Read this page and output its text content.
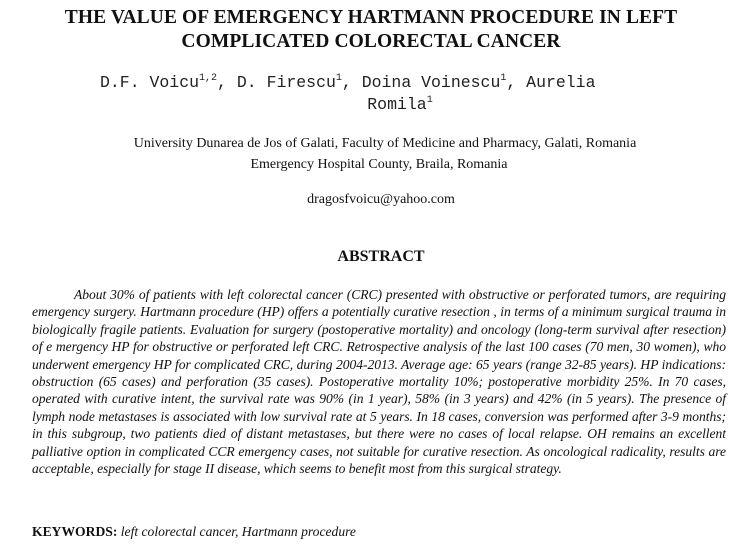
THE VALUE OF EMERGENCY HARTMANN PROCEDURE IN LEFT
COMPLICATED COLORECTAL CANCER
D.F. Voicu$^{1,2}$, D. Firescu$^1$, Doina Voinescu$^1$, Aurelia
Romila$^1$
University Dunarea de Jos of Galati, Faculty of Medicine and Pharmacy, Galati, Romania
Emergency Hospital County, Braila, Romania
dragosfvoicu@yahoo.com
ABSTRACT

About 30% of patients with left colorectal cancer (CRC) presented with obstructive or perforated tumors, are requiring emergency surgery. Hartmann procedure (HP) offers a potentially curative resection , in terms of a minimum surgical trauma in biologically fragile patients. Evaluation for surgery (postoperative mortality) and oncology (long-term survival after resection) of e mergency HP for obstructive or perforated left CRC. Retrospective analysis of the last 100 cases (70 men, 30 women), who underwent emergency HP for complicated CRC, during 2004-2013. Average age: 65 years (range 32-85 years). HP indications: obstruction (65 cases) and perforation (35 cases). Postoperative mortality 10%; postoperative morbidity 25%. In 70 cases, operated with curative intent, the survival rate was 90% (in 1 year), 58% (in 3 years) and 42% (in 5 years). The presence of lymph node metastases is associated with low survival rate at 5 years. In 18 cases, conversion was performed after 3-9 months; in this subgroup, two patients died of distant metastases, but there were no cases of local relapse. OH remains an excellent palliative option in complicated CCR emergency cases, not suitable for curative resection. As oncological radicality, results are acceptable, especially for stage II disease, which seems to benefit most from this surgical strategy.

KEYWORDS: left colorectal cancer, Hartmann procedure
